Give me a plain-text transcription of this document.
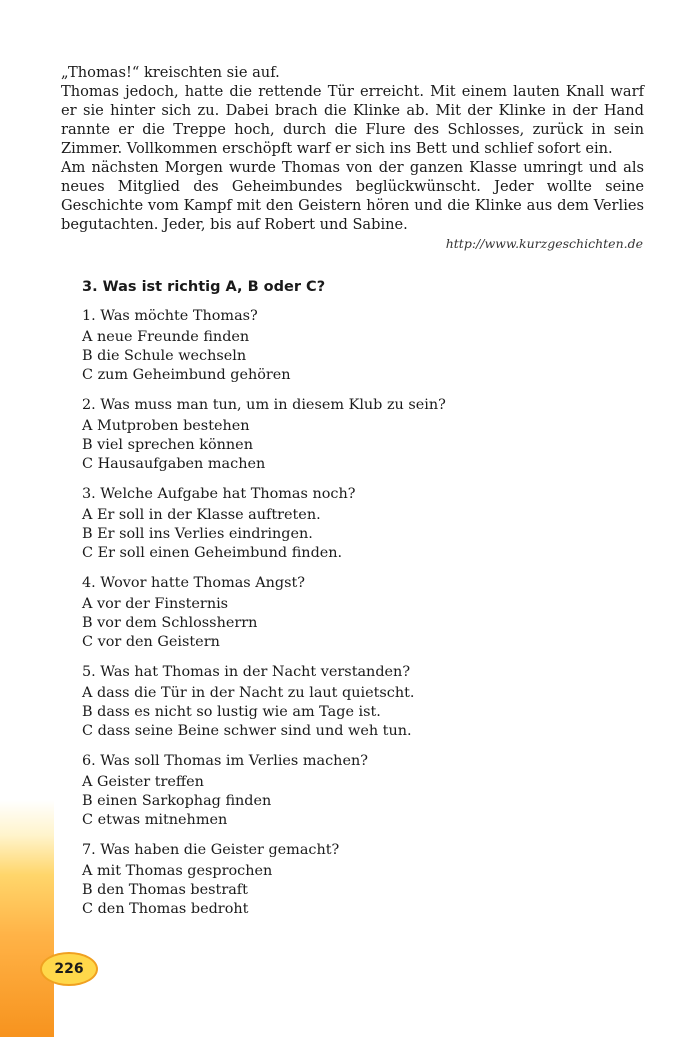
„Thomas!“ kreischten sie auf.

Thomas jedoch, hatte die rettende Tür erreicht. Mit einem lauten Knall warf er sie hinter sich zu. Dabei brach die Klinke ab. Mit der Klinke in der Hand rannte er die Treppe hoch, durch die Flure des Schlosses, zurück in sein Zimmer. Vollkommen erschöpft warf er sich ins Bett und schlief sofort ein.

Am nächsten Morgen wurde Thomas von der ganzen Klasse umringt und als neues Mitglied des Geheimbundes beglückwünscht. Jeder wollte seine Geschichte vom Kampf mit den Geistern hören und die Klinke aus dem Verlies begutachten. Jeder, bis auf Robert und Sabine.

http://www.kurzgeschichten.de
3. Was ist richtig A, B oder C?
1. Was möchte Thomas?
A neue Freunde finden
B die Schule wechseln
C zum Geheimbund gehören
2. Was muss man tun, um in diesem Klub zu sein?
A Mutproben bestehen
B viel sprechen können
C Hausaufgaben machen
3. Welche Aufgabe hat Thomas noch?
A Er soll in der Klasse auftreten.
B Er soll ins Verlies eindringen.
C Er soll einen Geheimbund finden.
4. Wovor hatte Thomas Angst?
A vor der Finsternis
B vor dem Schlossherrn
C vor den Geistern
5. Was hat Thomas in der Nacht verstanden?
A dass die Tür in der Nacht zu laut quietscht.
B dass es nicht so lustig wie am Tage ist.
C dass seine Beine schwer sind und weh tun.
6. Was soll Thomas im Verlies machen?
A Geister treffen
B einen Sarkophag finden
C etwas mitnehmen
7. Was haben die Geister gemacht?
A mit Thomas gesprochen
B den Thomas bestraft
C den Thomas bedroht
226
